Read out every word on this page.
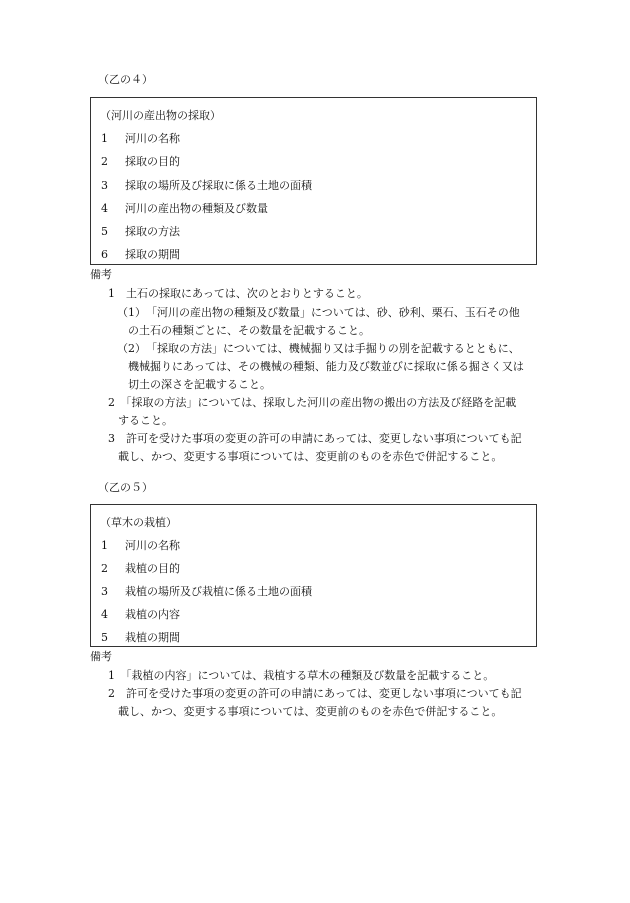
（乙の４）
（河川の産出物の採取）
1 河川の名称
2 採取の目的
3 採取の場所及び採取に係る土地の面積
4 河川の産出物の種類及び数量
5 採取の方法
6 採取の期間
備考
1　土石の採取にあっては、次のとおりとすること。
（1）　「河川の産出物の種類及び数量」については、砂、砂利、栗石、玉石その他
の土石の種類ごとに、その数量を記載すること。
（2）　「採取の方法」については、機械掘り又は手掘りの別を記載するとともに、
機械掘りにあっては、その機械の種類、能力及び数並びに採取に係る掘さく又は
切土の深さを記載すること。
2　「採取の方法」については、採取した河川の産出物の搬出の方法及び経路を記載
すること。
3　許可を受けた事項の変更の許可の申請にあっては、変更しない事項についても記
載し、かつ、変更する事項については、変更前のものを赤色で併記すること。
（乙の５）
（草木の栽植）
1 河川の名称
2 栽植の目的
3 栽植の場所及び栽植に係る土地の面積
4 栽植の内容
5 栽植の期間
備考
1　「栽植の内容」については、栽植する草木の種類及び数量を記載すること。
2　許可を受けた事項の変更の許可の申請にあっては、変更しない事項についても記
載し、かつ、変更する事項については、変更前のものを赤色で併記すること。
